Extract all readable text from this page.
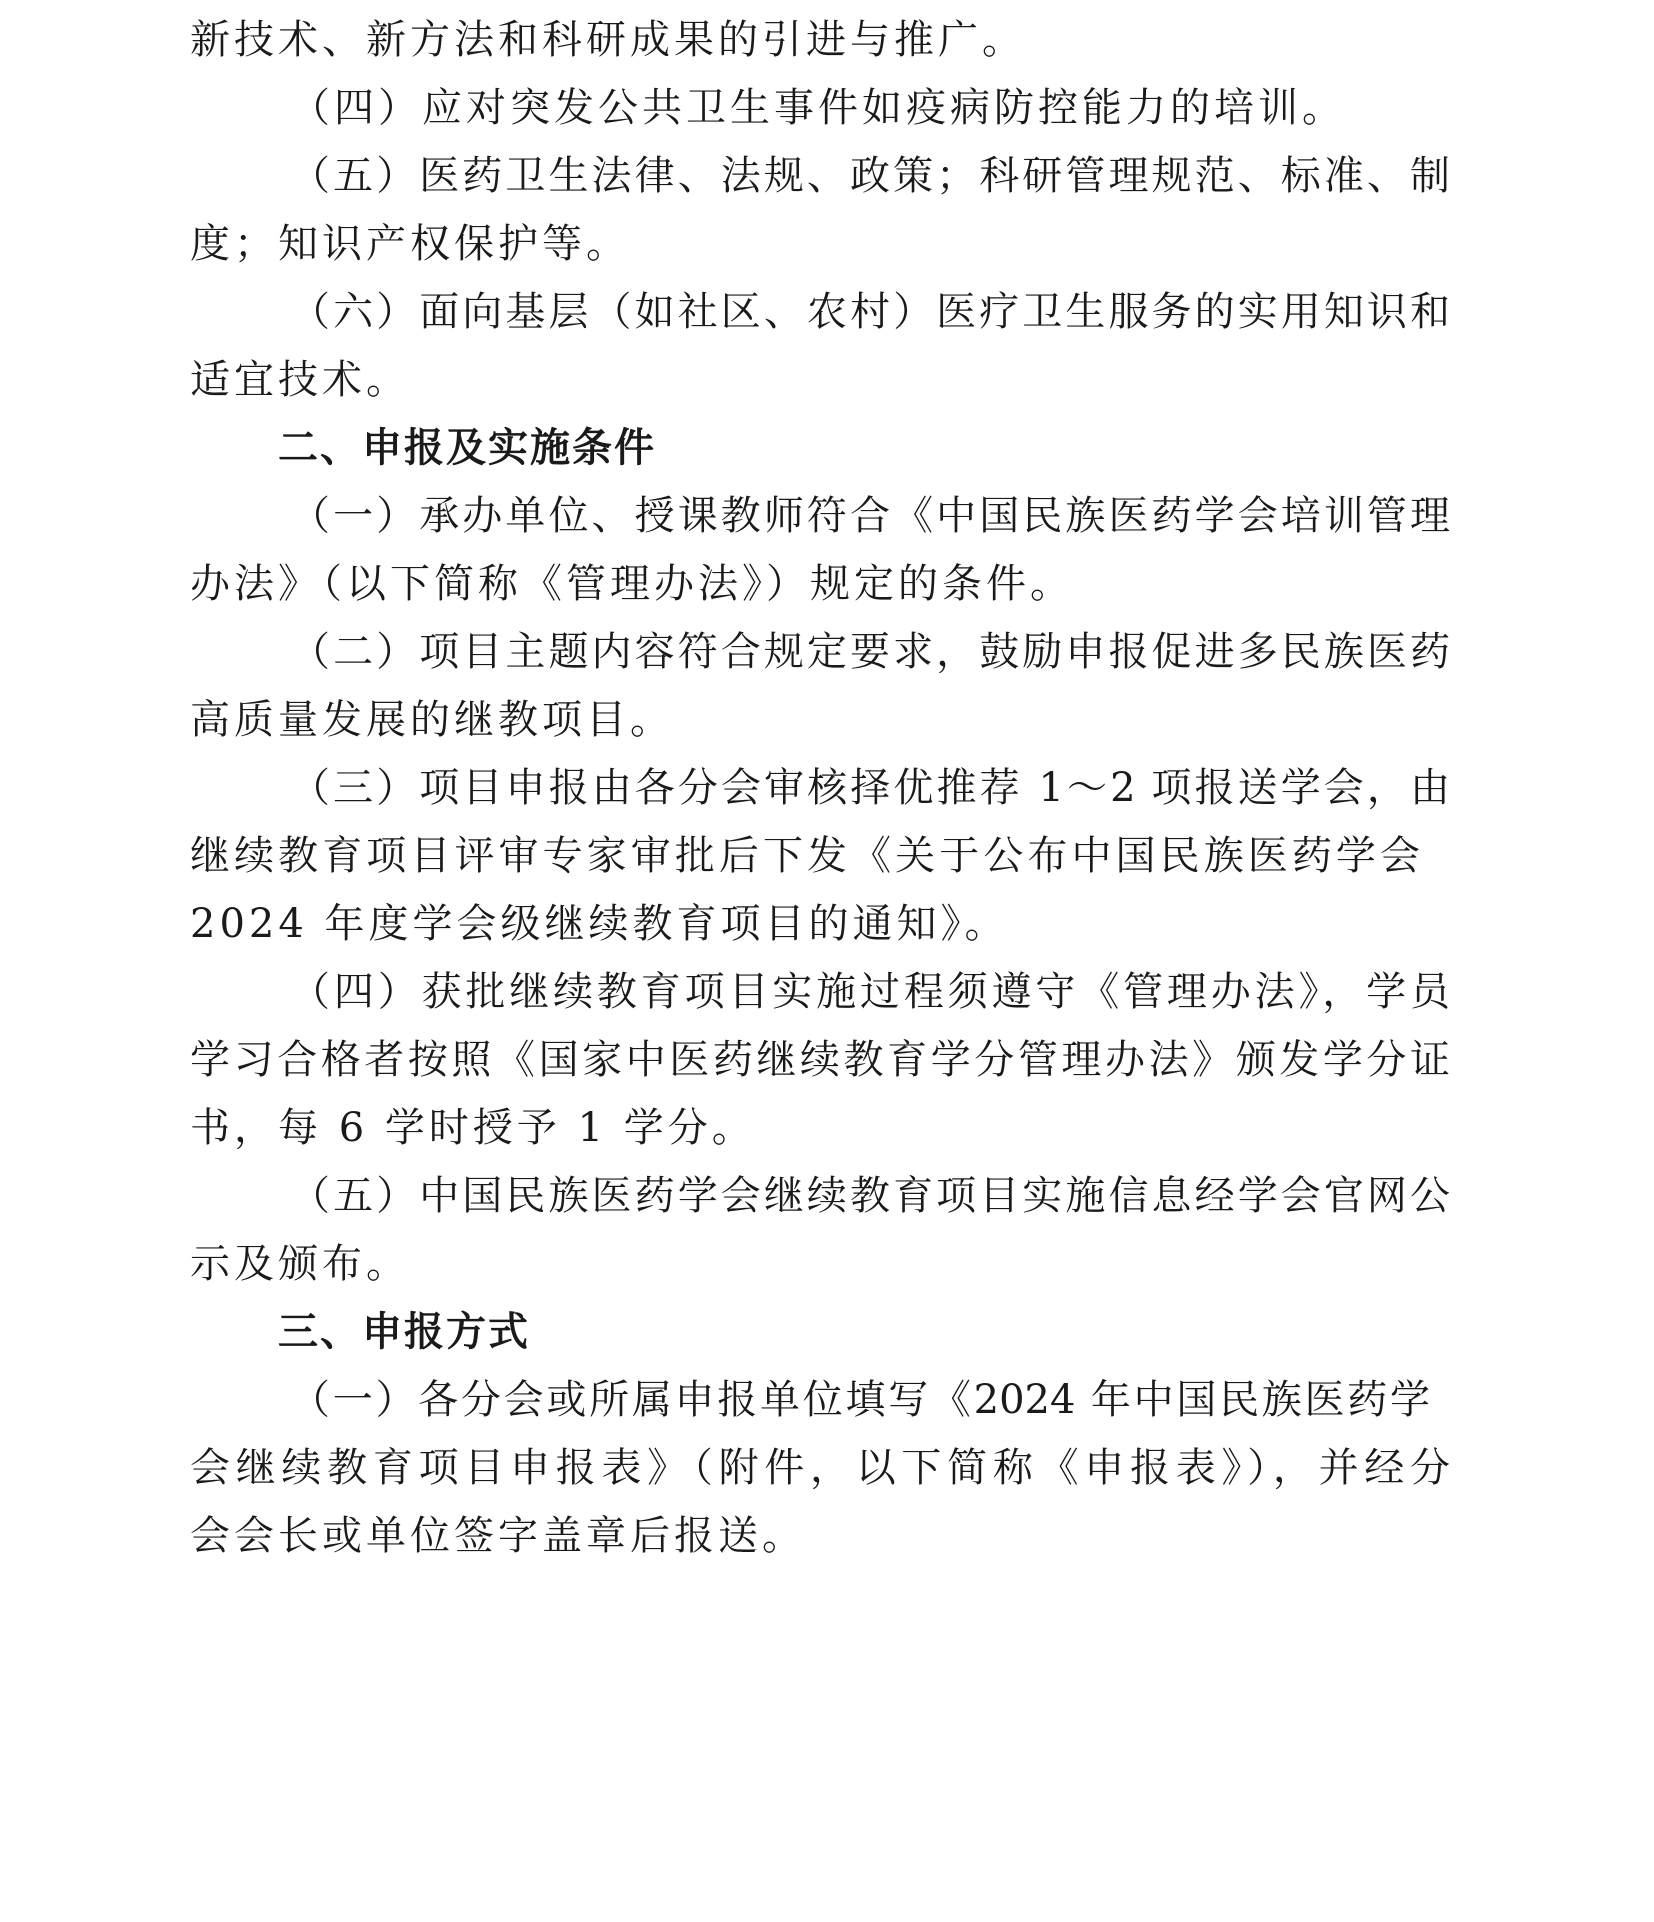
新技术、新方法和科研成果的引进与推广。
（四）应对突发公共卫生事件如疫病防控能力的培训。
（五）医药卫生法律、法规、政策；科研管理规范、标准、制
度；知识产权保护等。
（六）面向基层（如社区、农村）医疗卫生服务的实用知识和
适宜技术。
二、申报及实施条件
（一）承办单位、授课教师符合《中国民族医药学会培训管理
办法》（以下简称《管理办法》）规定的条件。
（二）项目主题内容符合规定要求，鼓励申报促进多民族医药
高质量发展的继教项目。
（三）项目申报由各分会审核择优推荐 1～2 项报送学会，由
继续教育项目评审专家审批后下发《关于公布中国民族医药学会
2024 年度学会级继续教育项目的通知》。
（四）获批继续教育项目实施过程须遵守《管理办法》，学员
学习合格者按照《国家中医药继续教育学分管理办法》颁发学分证
书，每 6 学时授予 1 学分。
（五）中国民族医药学会继续教育项目实施信息经学会官网公
示及颁布。
三、申报方式
（一）各分会或所属申报单位填写《2024 年中国民族医药学
会继续教育项目申报表》（附件，以下简称《申报表》），并经分
会会长或单位签字盖章后报送。
